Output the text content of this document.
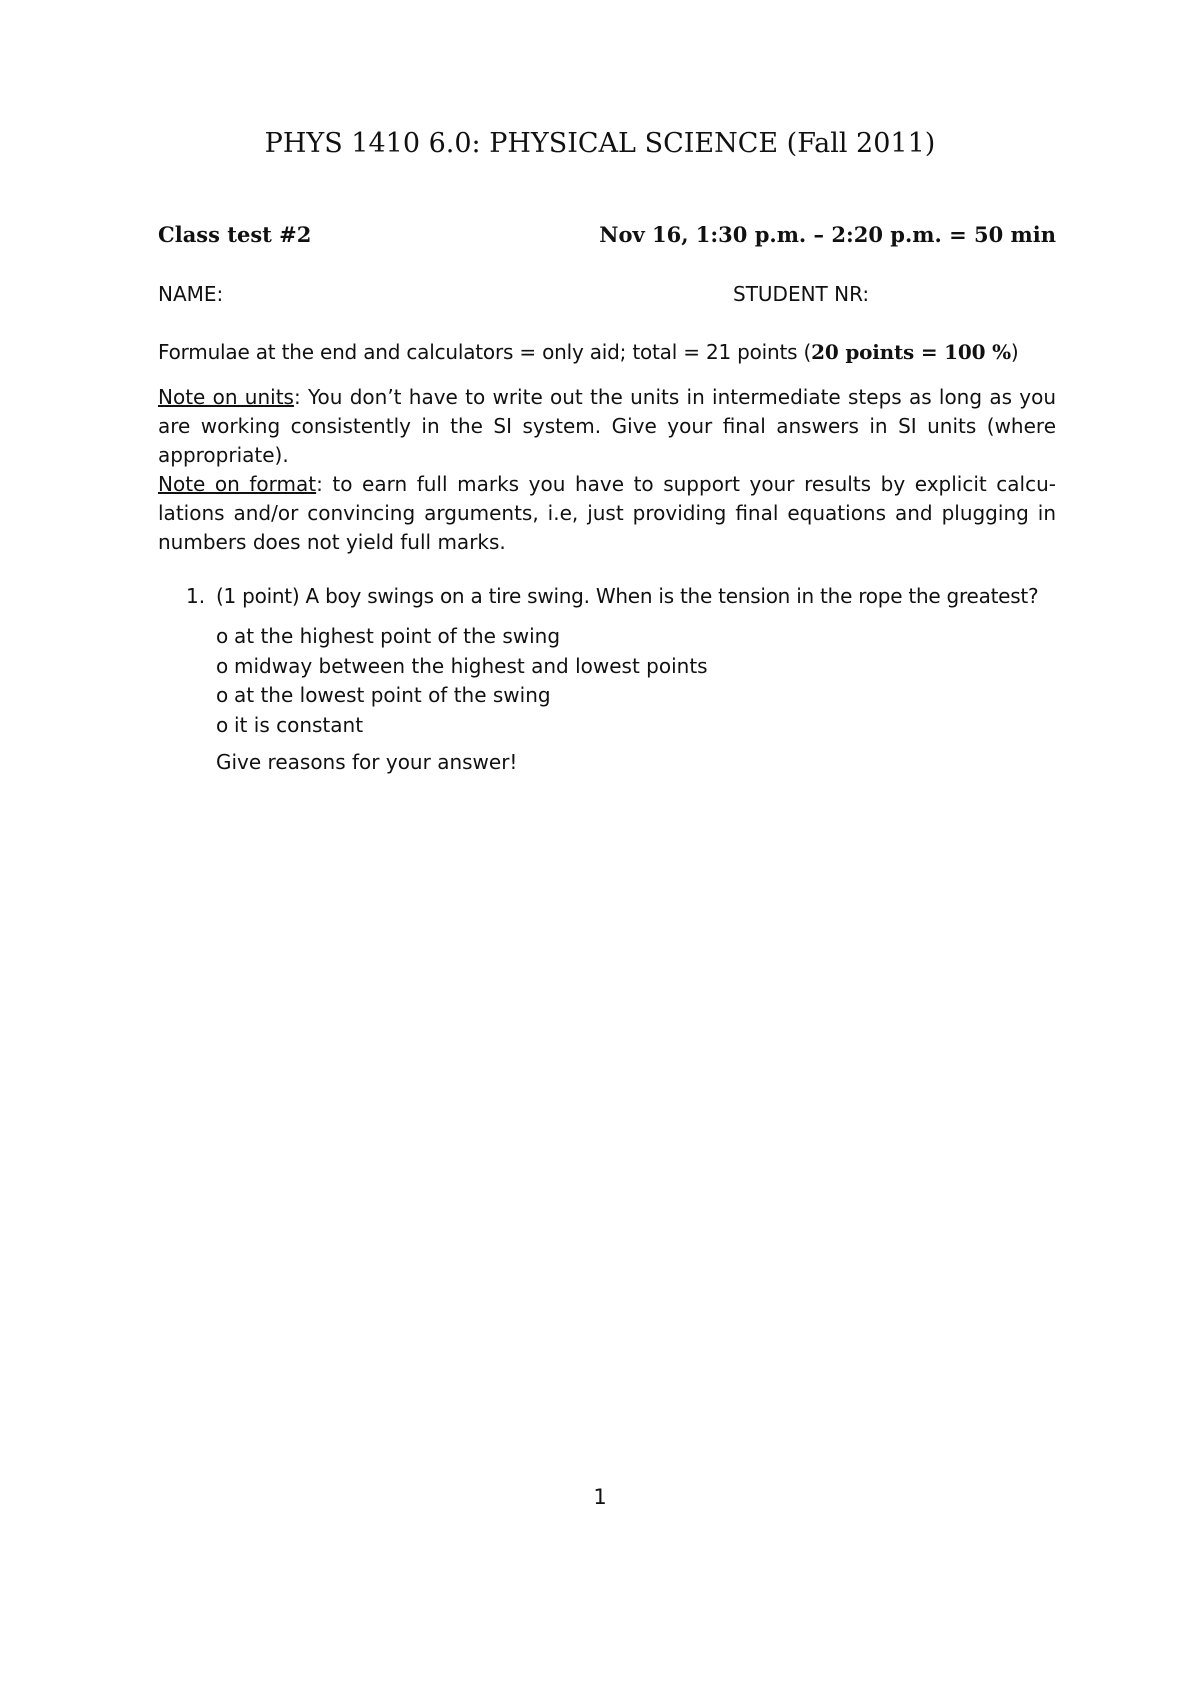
PHYS 1410 6.0: PHYSICAL SCIENCE (Fall 2011)
Class test #2	Nov 16, 1:30 p.m. – 2:20 p.m. = 50 min
NAME:	STUDENT NR:
Formulae at the end and calculators = only aid; total = 21 points (20 points = 100 %)

Note on units: You don’t have to write out the units in intermediate steps as long as you are working consistently in the SI system. Give your final answers in SI units (where appropriate).

Note on format: to earn full marks you have to support your results by explicit calcu- lations and/or convincing arguments, i.e, just providing final equations and plugging in numbers does not yield full marks.

1. (1 point) A boy swings on a tire swing. When is the tension in the rope the greatest?
o at the highest point of the swing
o midway between the highest and lowest points
o at the lowest point of the swing
o it is constant
Give reasons for your answer!
1
